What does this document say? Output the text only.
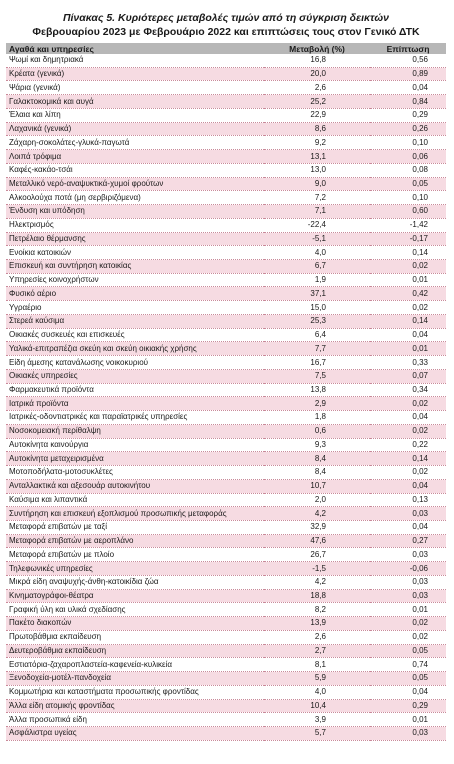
Πίνακας 5. Κυριότερες μεταβολές τιμών από τη σύγκριση δεικτών
Φεβρουαρίου 2023 με Φεβρουάριο 2022 και επιπτώσεις τους στον Γενικό ΔΤΚ
Αγαθά και υπηρεσίες	Μεταβολή (%)	Επίπτωση
Ψωμί και δημητριακά	16,8	0,56
Κρέατα (γενικά)	20,0	0,89
Ψάρια (γενικά)	2,6	0,04
Γαλακτοκομικά και αυγά	25,2	0,84
Έλαια και λίπη	22,9	0,29
Λαχανικά (γενικά)	8,6	0,26
Ζάχαρη-σοκολάτες-γλυκά-παγωτά	9,2	0,10
Λοιπά τρόφιμα	13,1	0,06
Καφές-κακάο-τσάι	13,0	0,08
Μεταλλικό νερό-αναψυκτικά-χυμοί φρούτων	9,0	0,05
Αλκοολούχα ποτά (μη σερβιριζόμενα)	7,2	0,10
Ένδυση και υπόδηση	7,1	0,60
Ηλεκτρισμός	-22,4	-1,42
Πετρέλαιο θέρμανσης	-5,1	-0,17
Ενοίκια κατοικιών	4,0	0,14
Επισκευή και συντήρηση κατοικίας	6,7	0,02
Υπηρεσίες κοινοχρήστων	1,9	0,01
Φυσικό αέριο	37,1	0,42
Υγραέριο	15,0	0,02
Στερεά καύσιμα	25,3	0,14
Οικιακές συσκευές και επισκευές	6,4	0,04
Υαλικά-επιτραπέζια σκεύη και σκεύη οικιακής χρήσης	7,7	0,01
Είδη άμεσης κατανάλωσης νοικοκυριού	16,7	0,33
Οικιακές υπηρεσίες	7,5	0,07
Φαρμακευτικά προϊόντα	13,8	0,34
Ιατρικά προϊόντα	2,9	0,02
Ιατρικές-οδοντιατρικές και παραϊατρικές υπηρεσίες	1,8	0,04
Νοσοκομειακή περίθαλψη	0,6	0,02
Αυτοκίνητα καινούργια	9,3	0,22
Αυτοκίνητα μεταχειρισμένα	8,4	0,14
Μοτοποδήλατα-μοτοσυκλέτες	8,4	0,02
Ανταλλακτικά και αξεσουάρ αυτοκινήτου	10,7	0,04
Καύσιμα και λιπαντικά	2,0	0,13
Συντήρηση και επισκευή εξοπλισμού προσωπικής μεταφοράς	4,2	0,03
Μεταφορά επιβατών με ταξί	32,9	0,04
Μεταφορά επιβατών με αεροπλάνο	47,6	0,27
Μεταφορά επιβατών με πλοίο	26,7	0,03
Τηλεφωνικές υπηρεσίες	-1,5	-0,06
Μικρά είδη αναψυχής-άνθη-κατοικίδια ζώα	4,2	0,03
Κινηματογράφοι-θέατρα	18,8	0,03
Γραφική ύλη και υλικά σχεδίασης	8,2	0,01
Πακέτο διακοπών	13,9	0,02
Πρωτοβάθμια εκπαίδευση	2,6	0,02
Δευτεροβάθμια εκπαίδευση	2,7	0,05
Εστιατόρια-ζαχαροπλαστεία-καφενεία-κυλικεία	8,1	0,74
Ξενοδοχεία-μοτέλ-πανδοχεία	5,9	0,05
Κομμωτήρια και καταστήματα προσωπικής φροντίδας	4,0	0,04
Άλλα είδη ατομικής φροντίδας	10,4	0,29
Άλλα προσωπικά είδη	3,9	0,01
Ασφάλιστρα υγείας	5,7	0,03
